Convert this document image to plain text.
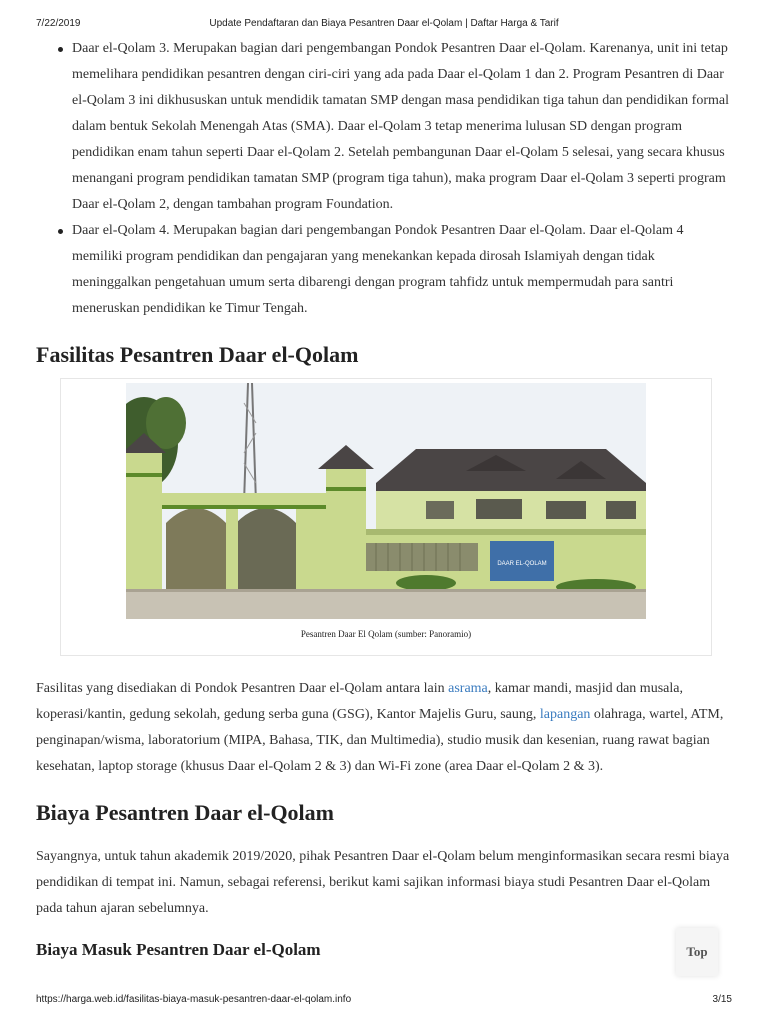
7/22/2019	Update Pendaftaran dan Biaya Pesantren Daar el-Qolam | Daftar Harga & Tarif
Daar el-Qolam 3. Merupakan bagian dari pengembangan Pondok Pesantren Daar el-Qolam. Karenanya, unit ini tetap memelihara pendidikan pesantren dengan ciri-ciri yang ada pada Daar el-Qolam 1 dan 2. Program Pesantren di Daar el-Qolam 3 ini dikhususkan untuk mendidik tamatan SMP dengan masa pendidikan tiga tahun dan pendidikan formal dalam bentuk Sekolah Menengah Atas (SMA). Daar el-Qolam 3 tetap menerima lulusan SD dengan program pendidikan enam tahun seperti Daar el-Qolam 2. Setelah pembangunan Daar el-Qolam 5 selesai, yang secara khusus menangani program pendidikan tamatan SMP (program tiga tahun), maka program Daar el-Qolam 3 seperti program Daar el-Qolam 2, dengan tambahan program Foundation.
Daar el-Qolam 4. Merupakan bagian dari pengembangan Pondok Pesantren Daar el-Qolam. Daar el-Qolam 4 memiliki program pendidikan dan pengajaran yang menekankan kepada dirosah Islamiyah dengan tidak meninggalkan pengetahuan umum serta dibarengi dengan program tahfidz untuk mempermudah para santri meneruskan pendidikan ke Timur Tengah.
Fasilitas Pesantren Daar el-Qolam
DAAR EL-QOLAM
Pesantren Daar El Qolam (sumber: Panoramio)

Fasilitas yang disediakan di Pondok Pesantren Daar el-Qolam antara lain asrama, kamar mandi, masjid dan musala, koperasi/kantin, gedung sekolah, gedung serba guna (GSG), Kantor Majelis Guru, saung, lapangan olahraga, wartel, ATM, penginapan/wisma, laboratorium (MIPA, Bahasa, TIK, dan Multimedia), studio musik dan kesenian, ruang rawat bagian kesehatan, laptop storage (khusus Daar el-Qolam 2 & 3) dan Wi-Fi zone (area Daar el-Qolam 2 & 3).

Biaya Pesantren Daar el-Qolam

Sayangnya, untuk tahun akademik 2019/2020, pihak Pesantren Daar el-Qolam belum menginformasikan secara resmi biaya pendidikan di tempat ini. Namun, sebagai referensi, berikut kami sajikan informasi biaya studi Pesantren Daar el-Qolam pada tahun ajaran sebelumnya.

Biaya Masuk Pesantren Daar el-Qolam	Top
https://harga.web.id/fasilitas-biaya-masuk-pesantren-daar-el-qolam.info	3/15
